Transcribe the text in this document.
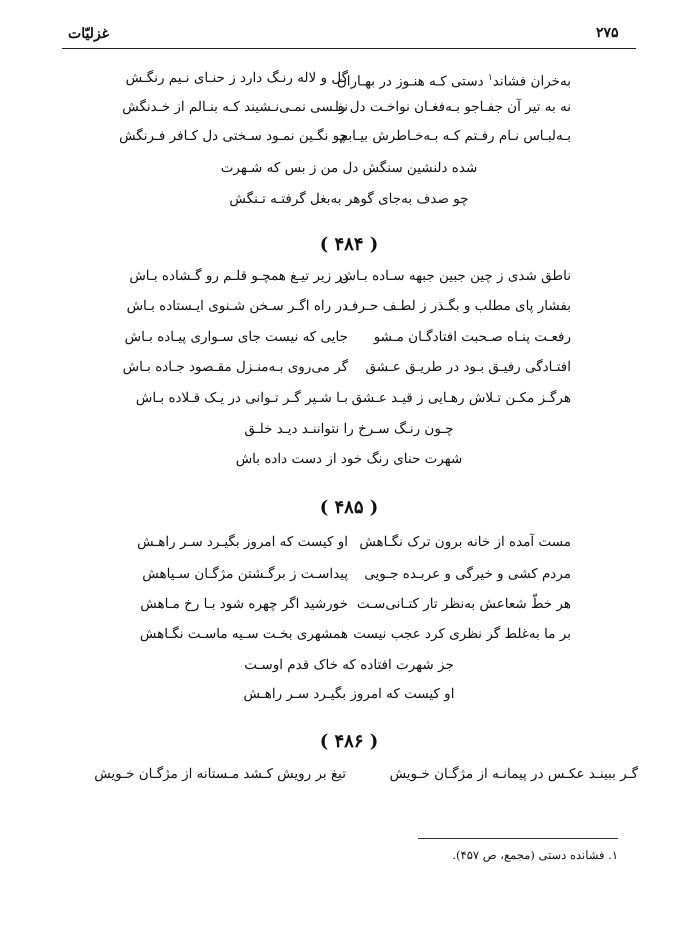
غزلیّات	۲۷۵
به‌خران فشاند$^۱$ دستی کـه هنـوز در بهـاران
گل و لاله رنـگ دارد ز حنـای نـیم رنگـش
نه به تیر آن جفـاجو بـه‌فغـان نواخـت دل را
نفـسی نمـی‌نـشیند کـه بنـالم از خـدنگش
بـه‌لبـاس نـام رفـتم کـه بـه‌خـاطرش بیـابم
چو نگـین نمـود سـختی دل کـافر فـرنگش
شده دلنشین سنگش دل من ز بس که شـهرت
چو صدف به‌جای گوهر به‌بغل گرفتـه تـنگش
( ۴۸۴ )
ناطق شدی ز چین جبین جبهه سـاده بـاش
در زیر تیـغ همچـو قلـم رو گـشاده بـاش
بفشار پای مطلب و بگـذر ز لطـف حـرف
در راه اگـر سـخن شـنوی ایـستاده بـاش
رفعـت پنـاه صـحبت افتادگـان مـشو
جایی که نیست جای سـواری پیـاده بـاش
افتـادگی رفیـق بـود در طریـق عـشق
گر می‌روی بـه‌منـزل مقـصود جـاده بـاش
هرگـز مکـن تـلاش رهـایی ز قیـد عـشق
بـا شـیر گـر تـوانی در یـک قـلاده بـاش
چـون رنـگ سـرخ را نتواننـد دیـد خلـق
شهرت حنای رنگ خود از دست داده باش
( ۴۸۵ )
مست آمده از خانه برون ترک نگـاهش
او کیست که امروز بگیـرد سـر راهـش
مردم کشی و خیرگی و عربـده جـویی
پیداسـت ز برگـشتن مژگـان سـیاهش
هر خطّ شعاعش به‌نظر تار کتـانی‌سـت
خورشید اگر چهره شود بـا رخ مـاهش
بر ما به‌غلط گر نظری کرد عجب نیست
همشهری بخـت سـیه ماسـت نگـاهش
جز شهرت افتاده که خاک قدم اوسـت
او کیست که امروز بگیـرد سـر راهـش
( ۴۸۶ )
گـر ببینـد عکـس در پیمانـه از مژگـان خـویش
تیغ بر رویش کـشد مـستانه از مژگـان خـویش
۱. فشانده دستی (مجمع، ص ۴۵۷).
